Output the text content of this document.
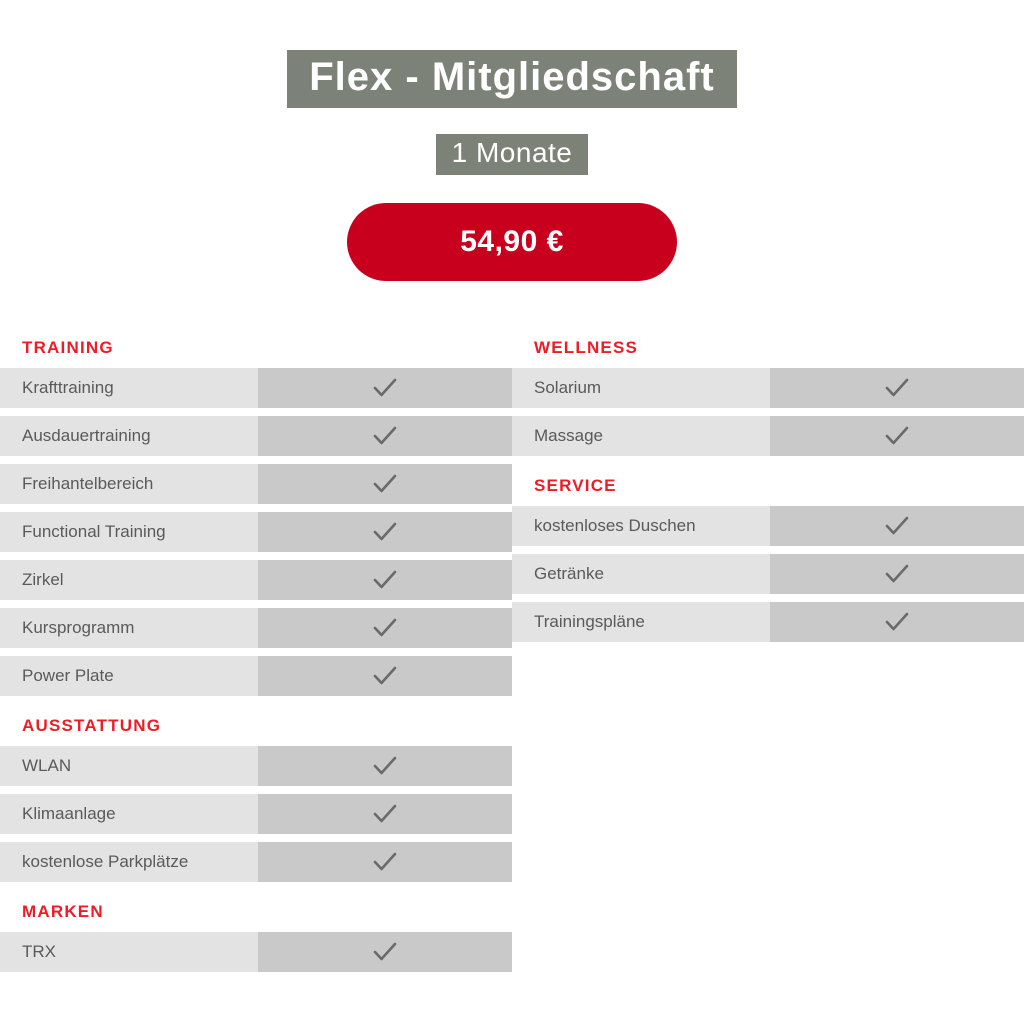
Flex - Mitgliedschaft
1 Monate
54,90 €
TRAINING
Krafttraining
Ausdauertraining
Freihantelbereich
Functional Training
Zirkel
Kursprogramm
Power Plate
AUSSTATTUNG
WLAN
Klimaanlage
kostenlose Parkplätze
MARKEN
TRX
WELLNESS
Solarium
Massage
SERVICE
kostenloses Duschen
Getränke
Trainingspläne
